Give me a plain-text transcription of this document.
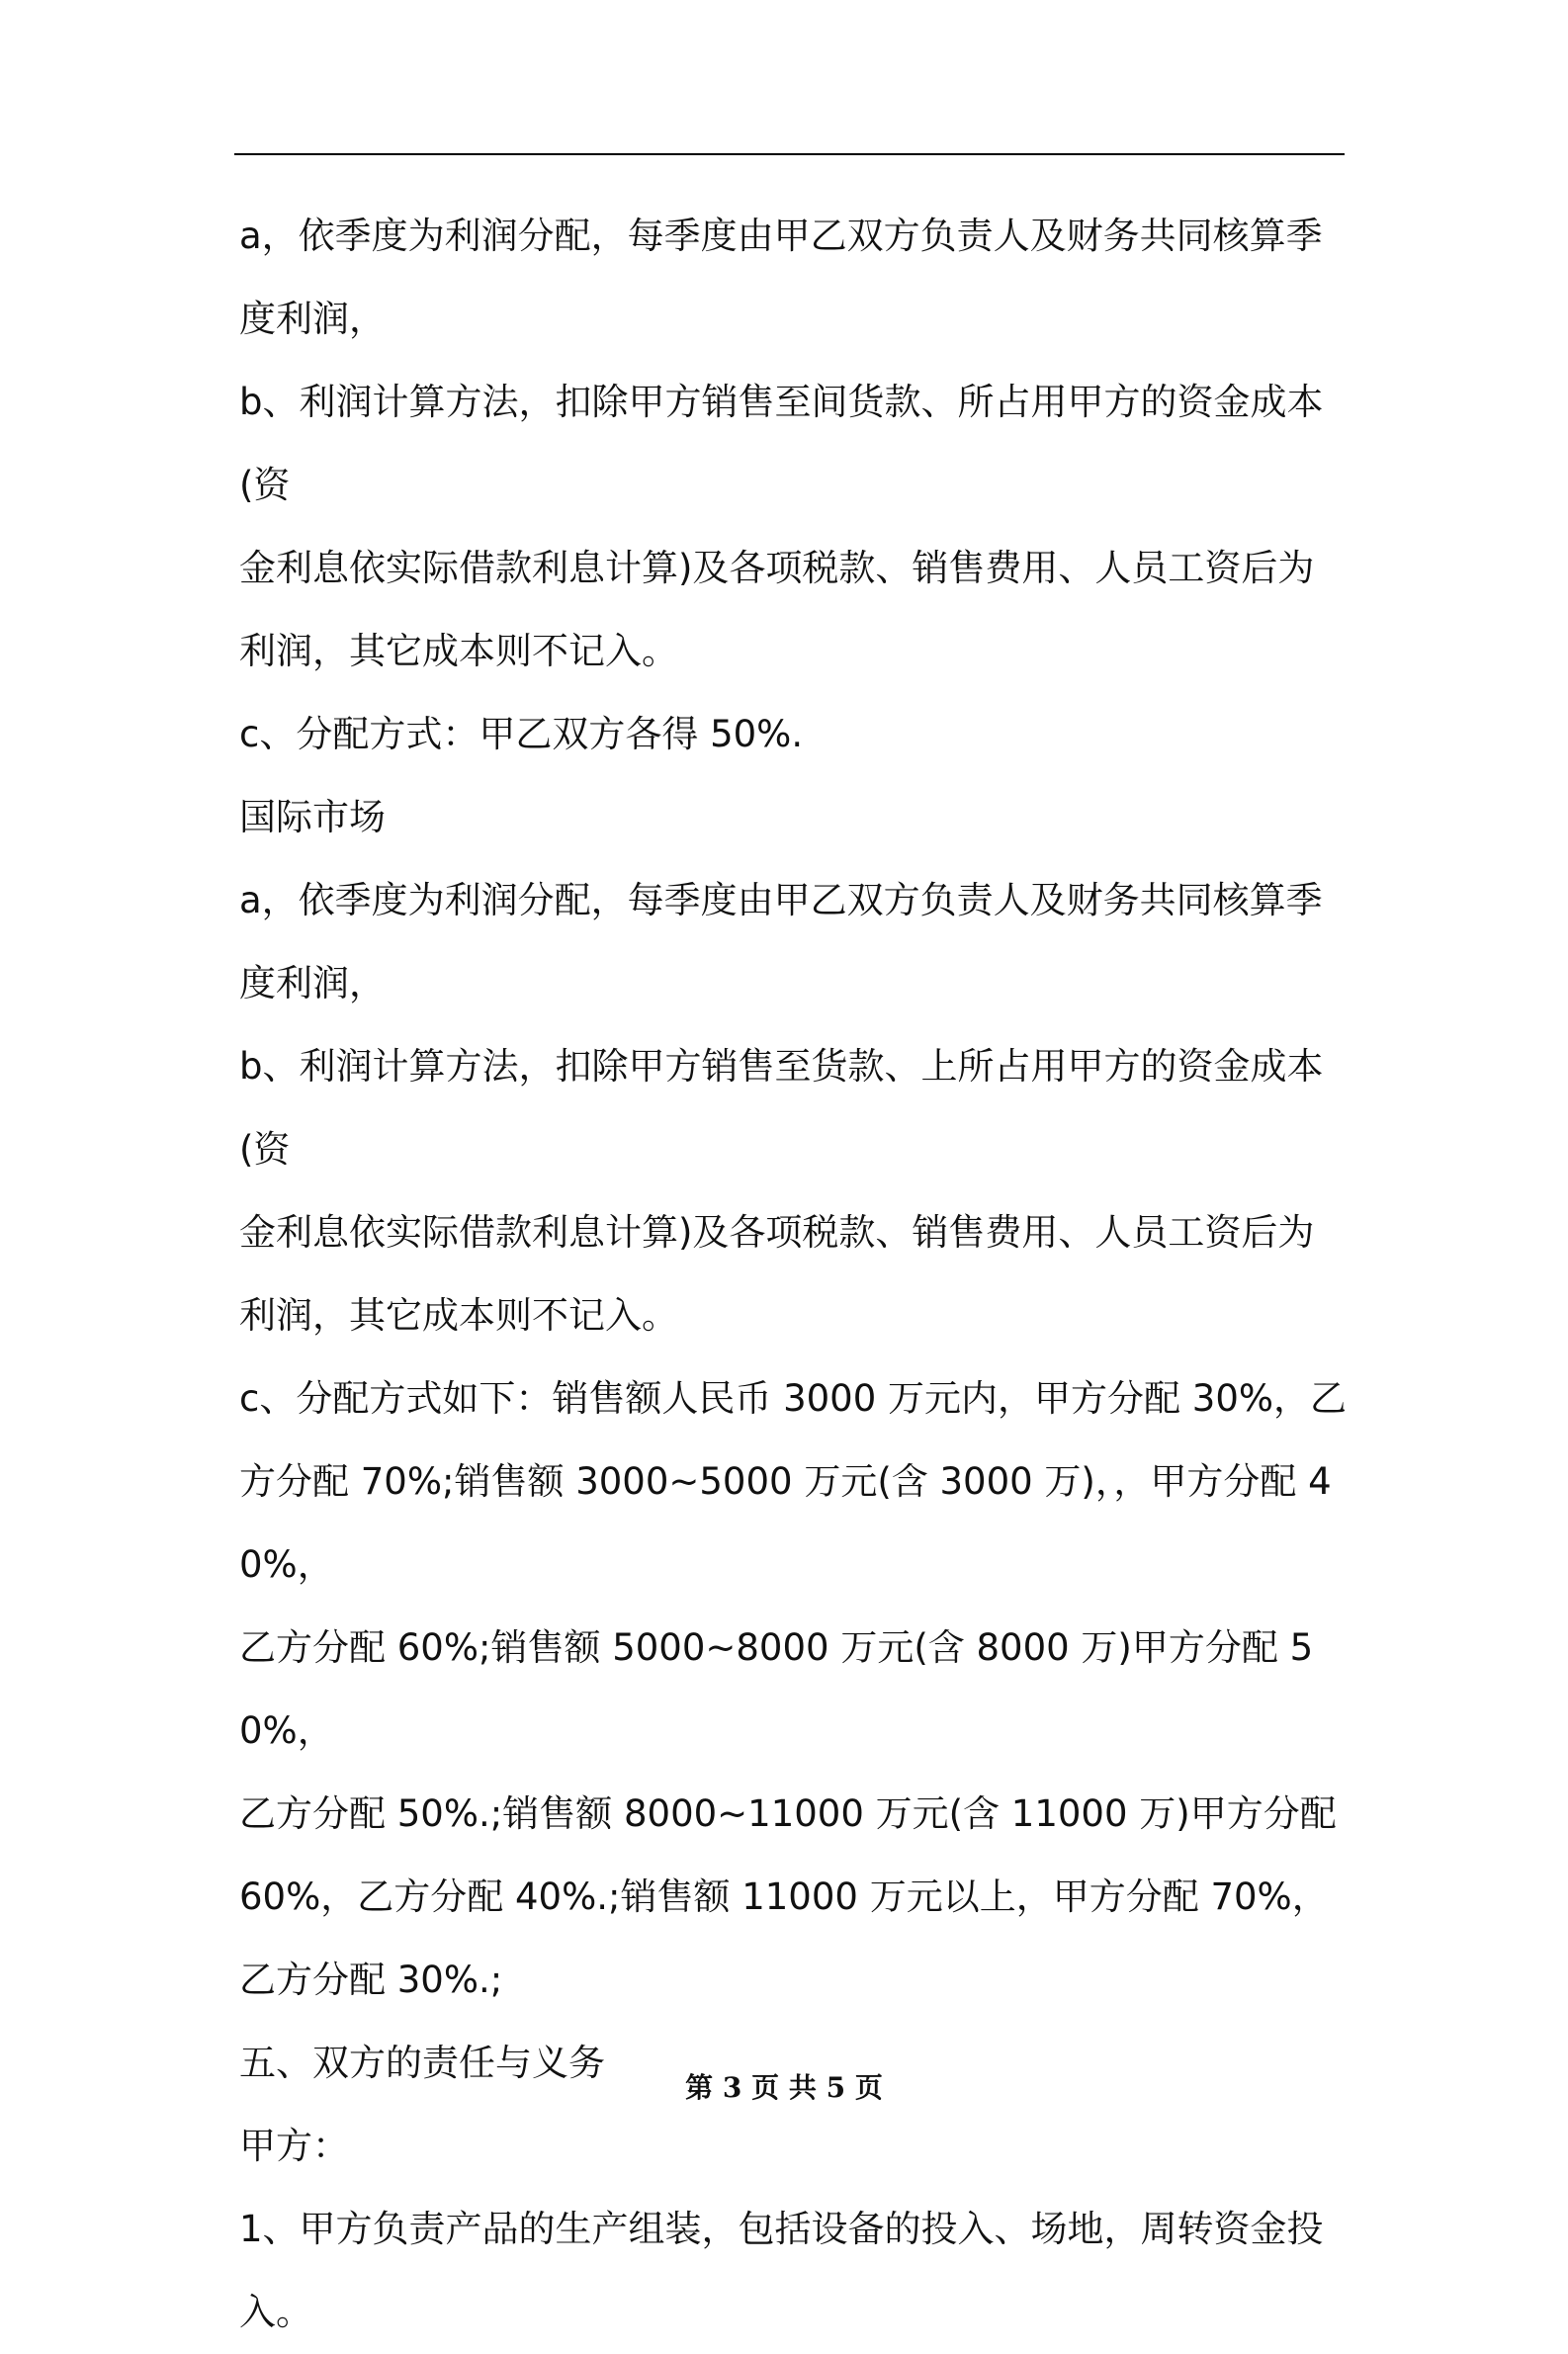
a，依季度为利润分配，每季度由甲乙双方负责人及财务共同核算季

度利润，

b、利润计算方法，扣除甲方销售至间货款、所占用甲方的资金成本(资

金利息依实际借款利息计算)及各项税款、销售费用、人员工资后为

利润，其它成本则不记入。

c、分配方式：甲乙双方各得 50%.

国际市场

a，依季度为利润分配，每季度由甲乙双方负责人及财务共同核算季

度利润，

b、利润计算方法，扣除甲方销售至货款、上所占用甲方的资金成本(资

金利息依实际借款利息计算)及各项税款、销售费用、人员工资后为

利润，其它成本则不记入。

c、分配方式如下：销售额人民币 3000 万元内，甲方分配 30%，乙

方分配 70%;销售额 3000~5000 万元(含 3000 万)，，甲方分配 40%，

乙方分配 60%;销售额 5000~8000 万元(含 8000 万)甲方分配 50%，

乙方分配 50%.;销售额 8000~11000 万元(含 11000 万)甲方分配

60%，乙方分配 40%.;销售额 11000 万元以上，甲方分配 70%，

乙方分配 30%.;

五、双方的责任与义务

甲方：

1、甲方负责产品的生产组装，包括设备的投入、场地，周转资金投

入。

第 3 页 共 5 页
